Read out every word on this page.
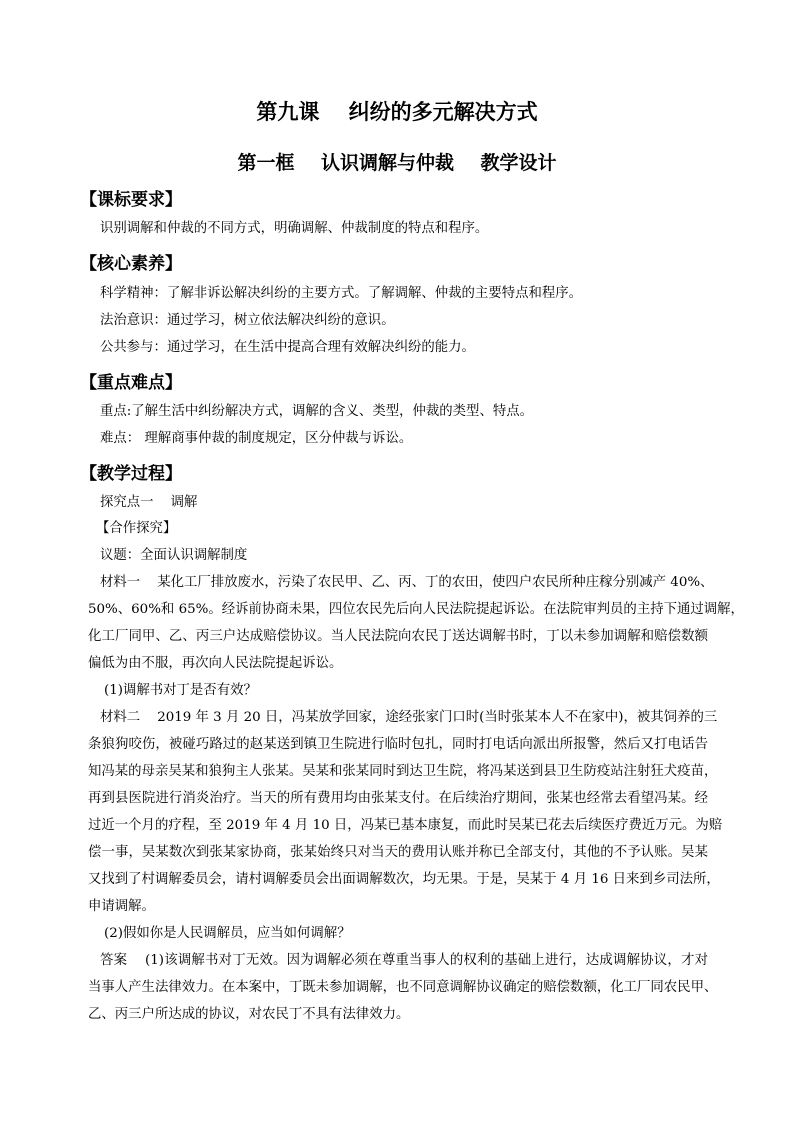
第九课    纠纷的多元解决方式
第一框    认识调解与仲裁    教学设计
【课标要求】
识别调解和仲裁的不同方式，明确调解、仲裁制度的特点和程序。
【核心素养】
科学精神：了解非诉讼解决纠纷的主要方式。了解调解、仲裁的主要特点和程序。
法治意识：通过学习，树立依法解决纠纷的意识。
公共参与：通过学习，在生活中提高合理有效解决纠纷的能力。
【重点难点】
重点:了解生活中纠纷解决方式，调解的含义、类型，仲裁的类型、特点。
难点： 理解商事仲裁的制度规定，区分仲裁与诉讼。
【教学过程】
探究点一    调解
【合作探究】
议题：全面认识调解制度
材料一    某化工厂排放废水，污染了农民甲、乙、丙、丁的农田，使四户农民所种庄稼分别减产 40%、
50%、60%和 65%。经诉前协商未果，四位农民先后向人民法院提起诉讼。在法院审判员的主持下通过调解，
化工厂同甲、乙、丙三户达成赔偿协议。当人民法院向农民丁送达调解书时，丁以未参加调解和赔偿数额
偏低为由不服，再次向人民法院提起诉讼。
(1)调解书对丁是否有效？
材料二    2019 年 3 月 20 日，冯某放学回家，途经张家门口时(当时张某本人不在家中)，被其饲养的三
条狼狗咬伤，被碰巧路过的赵某送到镇卫生院进行临时包扎，同时打电话向派出所报警，然后又打电话告
知冯某的母亲吴某和狼狗主人张某。吴某和张某同时到达卫生院，将冯某送到县卫生防疫站注射狂犬疫苗，
再到县医院进行消炎治疗。当天的所有费用均由张某支付。在后续治疗期间，张某也经常去看望冯某。经
过近一个月的疗程，至 2019 年 4 月 10 日，冯某已基本康复，而此时吴某已花去后续医疗费近万元。为赔
偿一事，吴某数次到张某家协商，张某始终只对当天的费用认账并称已全部支付，其他的不予认账。吴某
又找到了村调解委员会，请村调解委员会出面调解数次，均无果。于是，吴某于 4 月 16 日来到乡司法所，
申请调解。
(2)假如你是人民调解员，应当如何调解？
答案    (1)该调解书对丁无效。因为调解必须在尊重当事人的权利的基础上进行，达成调解协议，才对
当事人产生法律效力。在本案中，丁既未参加调解，也不同意调解协议确定的赔偿数额，化工厂同农民甲、
乙、丙三户所达成的协议，对农民丁不具有法律效力。
